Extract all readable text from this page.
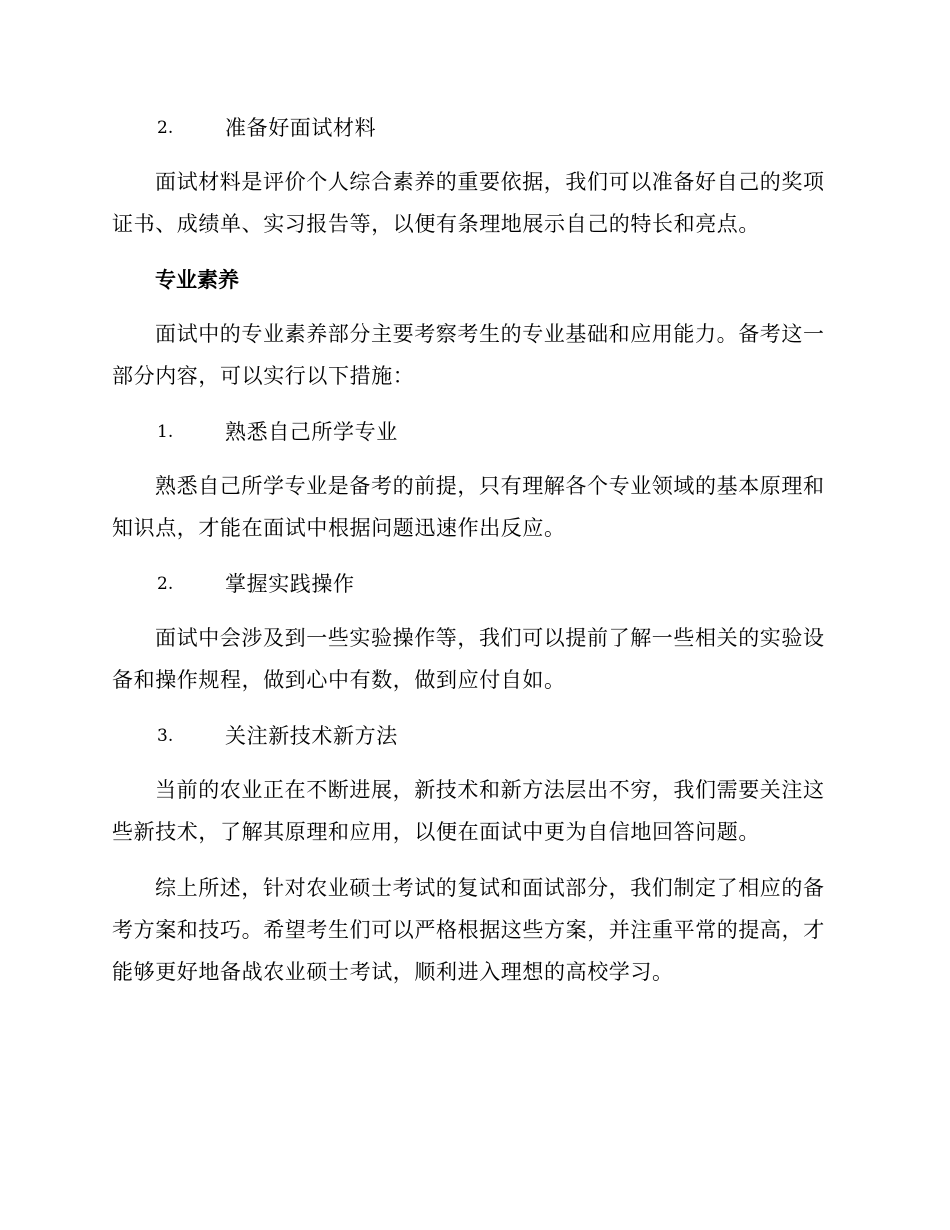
2. 准备好面试材料
面试材料是评价个人综合素养的重要依据，我们可以准备好自己的奖项
证书、成绩单、实习报告等，以便有条理地展示自己的特长和亮点。
专业素养
面试中的专业素养部分主要考察考生的专业基础和应用能力。备考这一
部分内容，可以实行以下措施：
1. 熟悉自己所学专业
熟悉自己所学专业是备考的前提，只有理解各个专业领域的基本原理和
知识点，才能在面试中根据问题迅速作出反应。
2. 掌握实践操作
面试中会涉及到一些实验操作等，我们可以提前了解一些相关的实验设
备和操作规程，做到心中有数，做到应付自如。
3. 关注新技术新方法
当前的农业正在不断进展，新技术和新方法层出不穷，我们需要关注这
些新技术，了解其原理和应用，以便在面试中更为自信地回答问题。
综上所述，针对农业硕士考试的复试和面试部分，我们制定了相应的备
考方案和技巧。希望考生们可以严格根据这些方案，并注重平常的提高，才
能够更好地备战农业硕士考试，顺利进入理想的高校学习。
